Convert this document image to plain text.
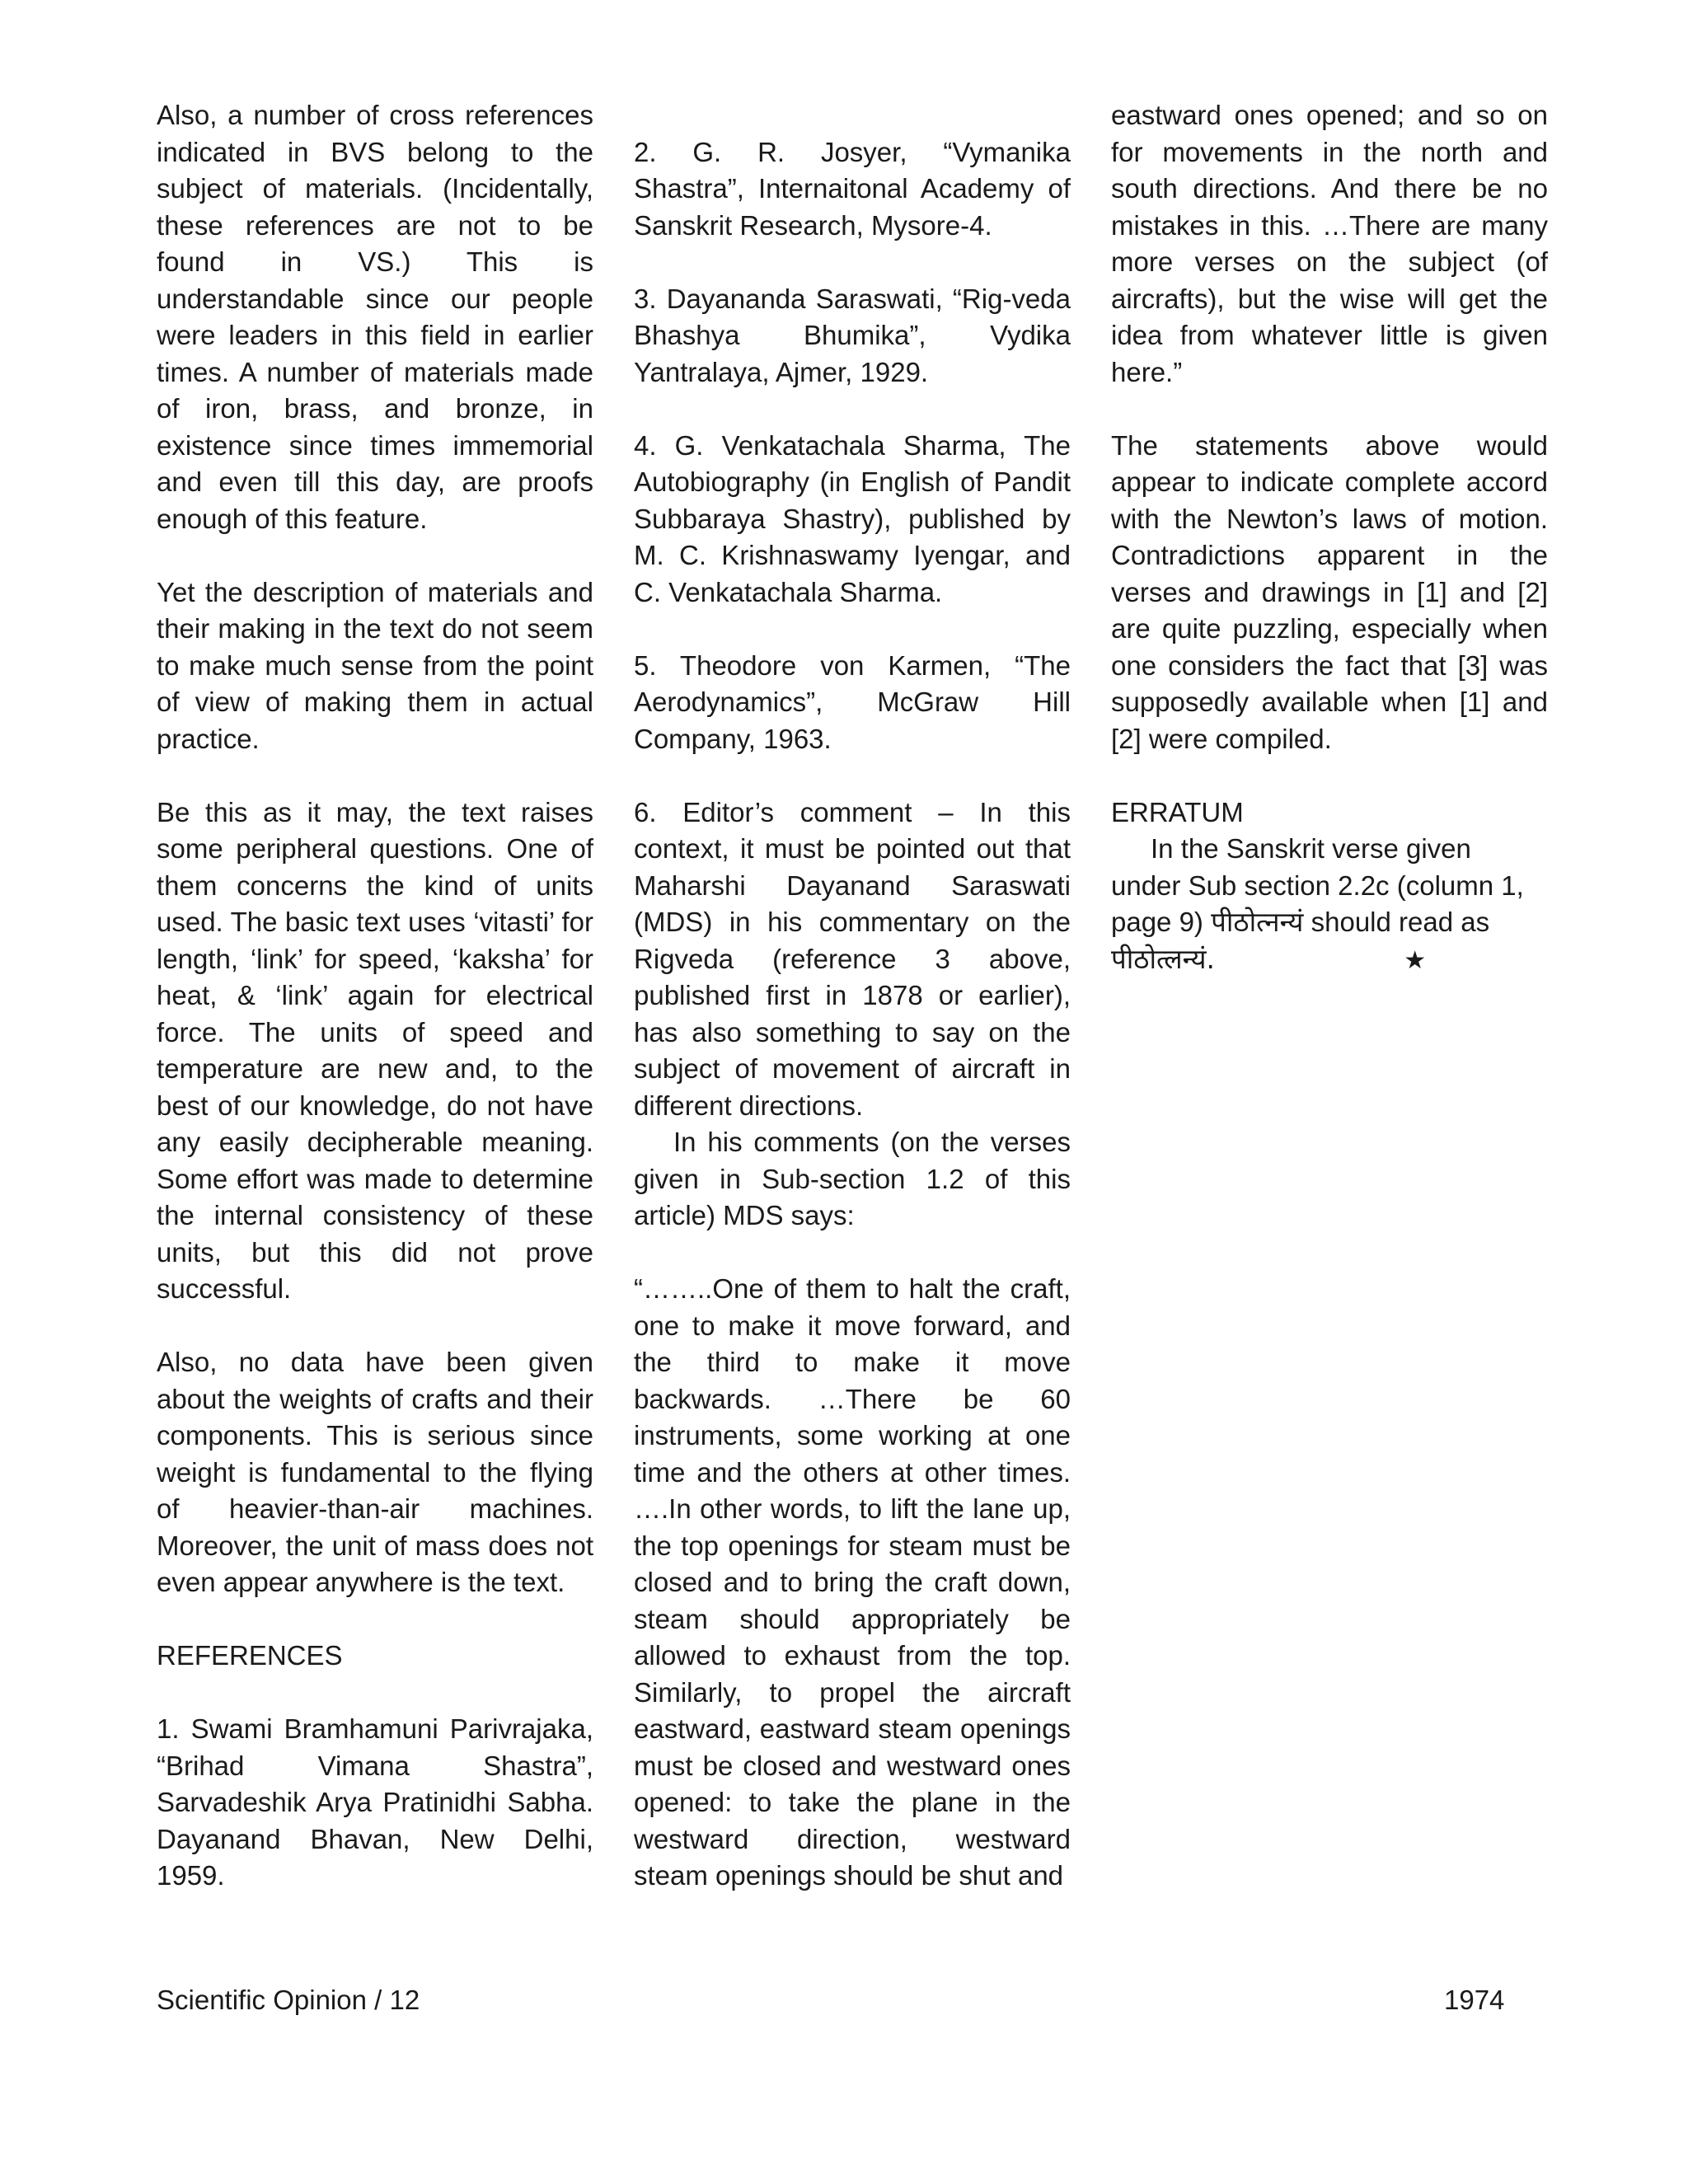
Also, a number of cross references indicated in BVS belong to the subject of materials. (Incidentally, these references are not to be found in VS.) This is understandable since our people were leaders in this field in earlier times. A number of materials made of iron, brass, and bronze, in existence since times immemorial and even till this day, are proofs enough of this feature.

Yet the description of materials and their making in the text do not seem to make much sense from the point of view of making them in actual practice.

Be this as it may, the text raises some peripheral questions. One of them concerns the kind of units used. The basic text uses ‘vitasti’ for length, ‘link’ for speed, ‘kaksha’ for heat, & ‘link’ again for electrical force. The units of speed and temperature are new and, to the best of our knowledge, do not have any easily decipherable meaning. Some effort was made to determine the internal consistency of these units, but this did not prove successful.

Also, no data have been given about the weights of crafts and their components. This is serious since weight is fundamental to the flying of heavier-than-air machines. Moreover, the unit of mass does not even appear anywhere is the text.

REFERENCES

1. Swami Bramhamuni Parivrajaka, “Brihad Vimana Shastra”, Sarvadeshik Arya Pratinidhi Sabha. Dayanand Bhavan, New Delhi, 1959.

2. G. R. Josyer, “Vymanika Shastra”, Internaitonal Academy of Sanskrit Research, Mysore-4.

3. Dayananda Saraswati, “Rig-veda Bhashya Bhumika”, Vydika Yantralaya, Ajmer, 1929.

4. G. Venkatachala Sharma, The Autobiography (in English of Pandit Subbaraya Shastry), published by M. C. Krishnaswamy Iyengar, and C. Venkatachala Sharma.

5. Theodore von Karmen, “The Aerodynamics”, McGraw Hill Company, 1963.

6. Editor’s comment – In this context, it must be pointed out that Maharshi Dayanand Saraswati (MDS) in his commentary on the Rigveda (reference 3 above, published first in 1878 or earlier), has also something to say on the subject of movement of aircraft in different directions.

In his comments (on the verses given in Sub-section 1.2 of this article) MDS says:

“……..One of them to halt the craft, one to make it move forward, and the third to make it move backwards. …There be 60 instruments, some working at one time and the others at other times. ….In other words, to lift the lane up, the top openings for steam must be closed and to bring the craft down, steam should appropriately be allowed to exhaust from the top. Similarly, to propel the aircraft eastward, eastward steam openings must be closed and westward ones opened: to take the plane in the westward direction, westward steam openings should be shut and

eastward ones opened; and so on for movements in the north and south directions. And there be no mistakes in this. …There are many more verses on the subject (of aircrafts), but the wise will get the idea from whatever little is given here.”

The statements above would appear to indicate complete accord with the Newton’s laws of motion. Contradictions apparent in the verses and drawings in [1] and [2] are quite puzzling, especially when one considers the fact that [3] was supposedly available when [1] and [2] were compiled.

ERRATUM

In the Sanskrit verse given under Sub section 2.2c (column 1, page 9) पीठोत्नन्यं should read as

पीठोत्लन्यं.	★

Scientific Opinion / 12	1974
